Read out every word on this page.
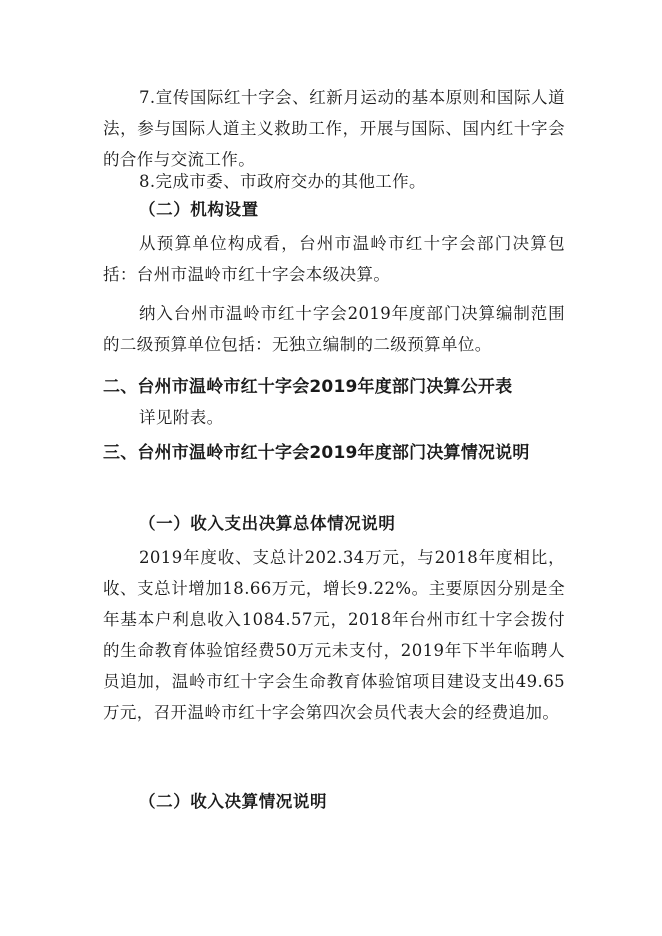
7.宣传国际红十字会、红新月运动的基本原则和国际人道法，参与国际人道主义救助工作，开展与国际、国内红十字会的合作与交流工作。

8.完成市委、市政府交办的其他工作。

（二）机构设置

从预算单位构成看，台州市温岭市红十字会部门决算包括：台州市温岭市红十字会本级决算。

纳入台州市温岭市红十字会2019年度部门决算编制范围的二级预算单位包括：无独立编制的二级预算单位。

二、台州市温岭市红十字会2019年度部门决算公开表

详见附表。

三、台州市温岭市红十字会2019年度部门决算情况说明

（一）收入支出决算总体情况说明

2019年度收、支总计202.34万元，与2018年度相比，收、支总计增加18.66万元，增长9.22%。主要原因分别是全年基本户利息收入1084.57元，2018年台州市红十字会拨付的生命教育体验馆经费50万元未支付，2019年下半年临聘人员追加，温岭市红十字会生命教育体验馆项目建设支出49.65万元，召开温岭市红十字会第四次会员代表大会的经费追加。

（二）收入决算情况说明
